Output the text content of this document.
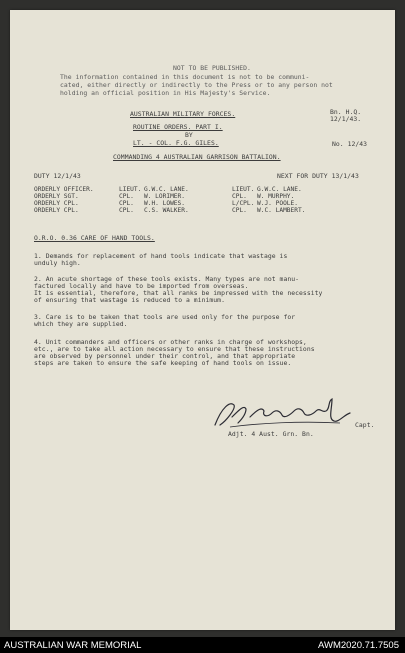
NOT TO BE PUBLISHED.
The information contained in this document is not to be communi-
cated, either directly or indirectly to the Press or to any person not
holding an official position in His Majesty's Service.
AUSTRALIAN MILITARY FORCES.	Bn. H.Q.
12/1/43.
ROUTINE ORDERS. PART I.
BY
LT. - COL. F.G. GILES.	No. 12/43
COMMANDING 4 AUSTRALIAN GARRISON BATTALION.
DUTY 12/1/43	NEXT FOR DUTY 13/1/43
ORDERLY OFFICER.	LIEUT. G.W.C. LANE.	LIEUT. G.W.C. LANE.
ORDERLY SGT.	CPL. W. LORIMER.	CPL. W. MURPHY.
ORDERLY CPL.	CPL. W.H. LOWES.	L/CPL. W.J. POOLE.
ORDERLY CPL.	CPL. C.S. WALKER.	CPL. W.C. LAMBERT.
O.R.O. 0.36 CARE OF HAND TOOLS.
1. Demands for replacement of hand tools indicate that wastage is
unduly high.
2. An acute shortage of these tools exists. Many types are not manu-
factured locally and have to be imported from overseas.
It is essential, therefore, that all ranks be impressed with the necessity
of ensuring that wastage is reduced to a minimum.
3. Care is to be taken that tools are used only for the purpose for
which they are supplied.
4. Unit commanders and officers or other ranks in charge of workshops,
etc., are to take all action necessary to ensure that these instructions
are observed by personnel under their control, and that appropriate
steps are taken to ensure the safe keeping of hand tools on issue.
Capt.
Adjt. 4 Aust. Grn. Bn.
AUSTRALIAN WAR MEMORIAL	AWM2020.71.7505
